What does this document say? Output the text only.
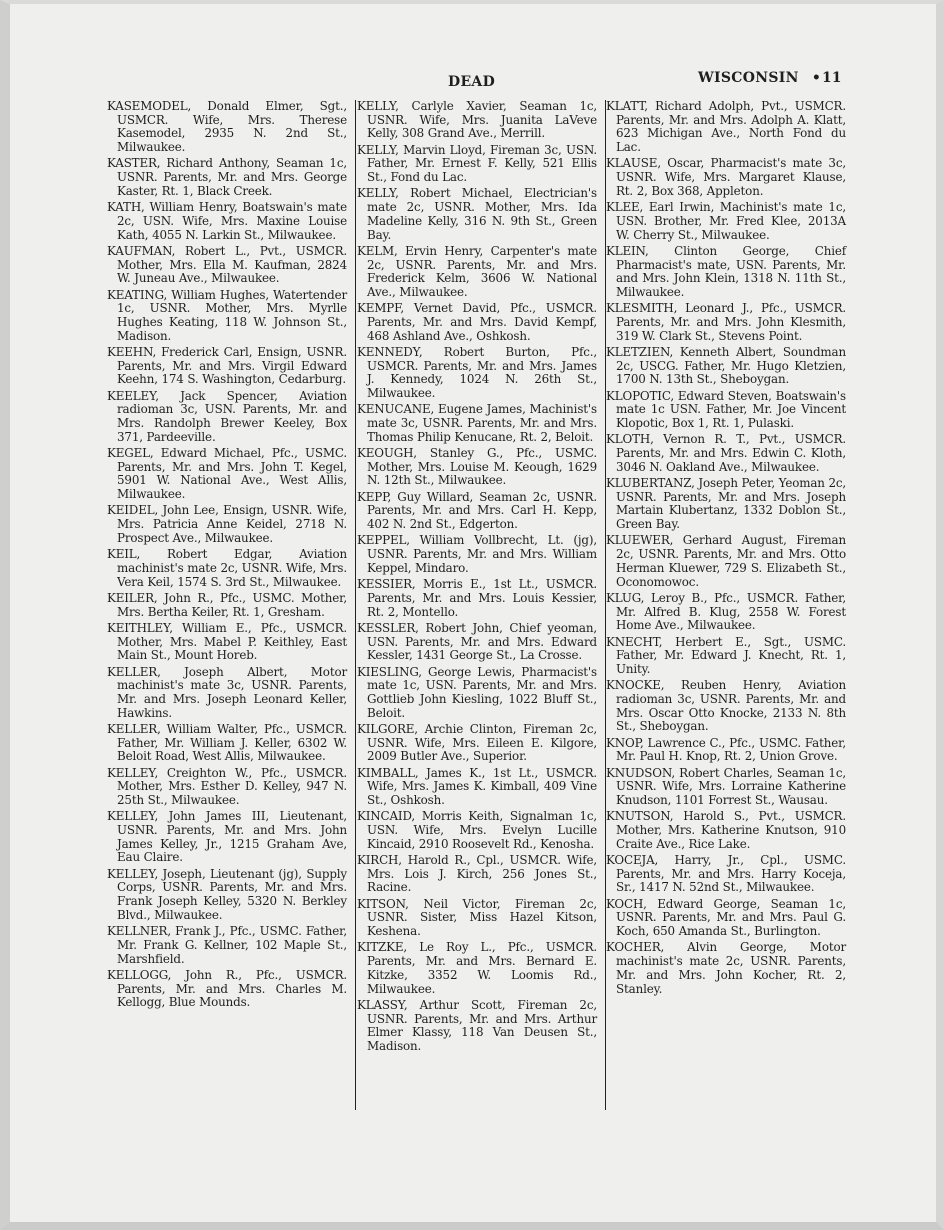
DEAD	WISCONSIN • 11

KASEMODEL, Donald Elmer, Sgt., USMCR. Wife, Mrs. Therese Kasemodel, 2935 N. 2nd St., Milwaukee.

KASTER, Richard Anthony, Seaman 1c, USNR. Parents, Mr. and Mrs. George Kaster, Rt. 1, Black Creek.

KATH, William Henry, Boatswain's mate 2c, USN. Wife, Mrs. Maxine Louise Kath, 4055 N. Larkin St., Milwaukee.

KAUFMAN, Robert L., Pvt., USMCR. Mother, Mrs. Ella M. Kaufman, 2824 W. Juneau Ave., Milwaukee.

KEATING, William Hughes, Watertender 1c, USNR. Mother, Mrs. Myrlle Hughes Keating, 118 W. Johnson St., Madison.

KEEHN, Frederick Carl, Ensign, USNR. Parents, Mr. and Mrs. Virgil Edward Keehn, 174 S. Washington, Cedarburg.

KEELEY, Jack Spencer, Aviation radioman 3c, USN. Parents, Mr. and Mrs. Randolph Brewer Keeley, Box 371, Pardeeville.

KEGEL, Edward Michael, Pfc., USMC. Parents, Mr. and Mrs. John T. Kegel, 5901 W. National Ave., West Allis, Milwaukee.

KEIDEL, John Lee, Ensign, USNR. Wife, Mrs. Patricia Anne Keidel, 2718 N. Prospect Ave., Milwaukee.

KEIL, Robert Edgar, Aviation machinist's mate 2c, USNR. Wife, Mrs. Vera Keil, 1574 S. 3rd St., Milwaukee.

KEILER, John R., Pfc., USMC. Mother, Mrs. Bertha Keiler, Rt. 1, Gresham.

KEITHLEY, William E., Pfc., USMCR. Mother, Mrs. Mabel P. Keithley, East Main St., Mount Horeb.

KELLER, Joseph Albert, Motor machinist's mate 3c, USNR. Parents, Mr. and Mrs. Joseph Leonard Keller, Hawkins.

KELLER, William Walter, Pfc., USMCR. Father, Mr. William J. Keller, 6302 W. Beloit Road, West Allis, Milwaukee.

KELLEY, Creighton W., Pfc., USMCR. Mother, Mrs. Esther D. Kelley, 947 N. 25th St., Milwaukee.

KELLEY, John James III, Lieutenant, USNR. Parents, Mr. and Mrs. John James Kelley, Jr., 1215 Graham Ave, Eau Claire.

KELLEY, Joseph, Lieutenant (jg), Supply Corps, USNR. Parents, Mr. and Mrs. Frank Joseph Kelley, 5320 N. Berkley Blvd., Milwaukee.

KELLNER, Frank J., Pfc., USMC. Father, Mr. Frank G. Kellner, 102 Maple St., Marshfield.

KELLOGG, John R., Pfc., USMCR. Parents, Mr. and Mrs. Charles M. Kellogg, Blue Mounds.

KELLY, Carlyle Xavier, Seaman 1c, USNR. Wife, Mrs. Juanita LaVeve Kelly, 308 Grand Ave., Merrill.

KELLY, Marvin Lloyd, Fireman 3c, USN. Father, Mr. Ernest F. Kelly, 521 Ellis St., Fond du Lac.

KELLY, Robert Michael, Electrician's mate 2c, USNR. Mother, Mrs. Ida Madeline Kelly, 316 N. 9th St., Green Bay.

KELM, Ervin Henry, Carpenter's mate 2c, USNR. Parents, Mr. and Mrs. Frederick Kelm, 3606 W. National Ave., Milwaukee.

KEMPF, Vernet David, Pfc., USMCR. Parents, Mr. and Mrs. David Kempf, 468 Ashland Ave., Oshkosh.

KENNEDY, Robert Burton, Pfc., USMCR. Parents, Mr. and Mrs. James J. Kennedy, 1024 N. 26th St., Milwaukee.

KENUCANE, Eugene James, Machinist's mate 3c, USNR. Parents, Mr. and Mrs. Thomas Philip Kenucane, Rt. 2, Beloit.

KEOUGH, Stanley G., Pfc., USMC. Mother, Mrs. Louise M. Keough, 1629 N. 12th St., Milwaukee.

KEPP, Guy Willard, Seaman 2c, USNR. Parents, Mr. and Mrs. Carl H. Kepp, 402 N. 2nd St., Edgerton.

KEPPEL, William Vollbrecht, Lt. (jg), USNR. Parents, Mr. and Mrs. William Keppel, Mindaro.

KESSIER, Morris E., 1st Lt., USMCR. Parents, Mr. and Mrs. Louis Kessier, Rt. 2, Montello.

KESSLER, Robert John, Chief yeoman, USN. Parents, Mr. and Mrs. Edward Kessler, 1431 George St., La Crosse.

KIESLING, George Lewis, Pharmacist's mate 1c, USN. Parents, Mr. and Mrs. Gottlieb John Kiesling, 1022 Bluff St., Beloit.

KILGORE, Archie Clinton, Fireman 2c, USNR. Wife, Mrs. Eileen E. Kilgore, 2009 Butler Ave., Superior.

KIMBALL, James K., 1st Lt., USMCR. Wife, Mrs. James K. Kimball, 409 Vine St., Oshkosh.

KINCAID, Morris Keith, Signalman 1c, USN. Wife, Mrs. Evelyn Lucille Kincaid, 2910 Roosevelt Rd., Kenosha.

KIRCH, Harold R., Cpl., USMCR. Wife, Mrs. Lois J. Kirch, 256 Jones St., Racine.

KITSON, Neil Victor, Fireman 2c, USNR. Sister, Miss Hazel Kitson, Keshena.

KITZKE, Le Roy L., Pfc., USMCR. Parents, Mr. and Mrs. Bernard E. Kitzke, 3352 W. Loomis Rd., Milwaukee.

KLASSY, Arthur Scott, Fireman 2c, USNR. Parents, Mr. and Mrs. Arthur Elmer Klassy, 118 Van Deusen St., Madison.

KLATT, Richard Adolph, Pvt., USMCR. Parents, Mr. and Mrs. Adolph A. Klatt, 623 Michigan Ave., North Fond du Lac.

KLAUSE, Oscar, Pharmacist's mate 3c, USNR. Wife, Mrs. Margaret Klause, Rt. 2, Box 368, Appleton.

KLEE, Earl Irwin, Machinist's mate 1c, USN. Brother, Mr. Fred Klee, 2013A W. Cherry St., Milwaukee.

KLEIN, Clinton George, Chief Pharmacist's mate, USN. Parents, Mr. and Mrs. John Klein, 1318 N. 11th St., Milwaukee.

KLESMITH, Leonard J., Pfc., USMCR. Parents, Mr. and Mrs. John Klesmith, 319 W. Clark St., Stevens Point.

KLETZIEN, Kenneth Albert, Soundman 2c, USCG. Father, Mr. Hugo Kletzien, 1700 N. 13th St., Sheboygan.

KLOPOTIC, Edward Steven, Boatswain's mate 1c USN. Father, Mr. Joe Vincent Klopotic, Box 1, Rt. 1, Pulaski.

KLOTH, Vernon R. T., Pvt., USMCR. Parents, Mr. and Mrs. Edwin C. Kloth, 3046 N. Oakland Ave., Milwaukee.

KLUBERTANZ, Joseph Peter, Yeoman 2c, USNR. Parents, Mr. and Mrs. Joseph Martain Klubertanz, 1332 Doblon St., Green Bay.

KLUEWER, Gerhard August, Fireman 2c, USNR. Parents, Mr. and Mrs. Otto Herman Kluewer, 729 S. Elizabeth St., Oconomowoc.

KLUG, Leroy B., Pfc., USMCR. Father, Mr. Alfred B. Klug, 2558 W. Forest Home Ave., Milwaukee.

KNECHT, Herbert E., Sgt., USMC. Father, Mr. Edward J. Knecht, Rt. 1, Unity.

KNOCKE, Reuben Henry, Aviation radioman 3c, USNR. Parents, Mr. and Mrs. Oscar Otto Knocke, 2133 N. 8th St., Sheboygan.

KNOP, Lawrence C., Pfc., USMC. Father, Mr. Paul H. Knop, Rt. 2, Union Grove.

KNUDSON, Robert Charles, Seaman 1c, USNR. Wife, Mrs. Lorraine Katherine Knudson, 1101 Forrest St., Wausau.

KNUTSON, Harold S., Pvt., USMCR. Mother, Mrs. Katherine Knutson, 910 Craite Ave., Rice Lake.

KOCEJA, Harry, Jr., Cpl., USMC. Parents, Mr. and Mrs. Harry Koceja, Sr., 1417 N. 52nd St., Milwaukee.

KOCH, Edward George, Seaman 1c, USNR. Parents, Mr. and Mrs. Paul G. Koch, 650 Amanda St., Burlington.

KOCHER, Alvin George, Motor machinist's mate 2c, USNR. Parents, Mr. and Mrs. John Kocher, Rt. 2, Stanley.
